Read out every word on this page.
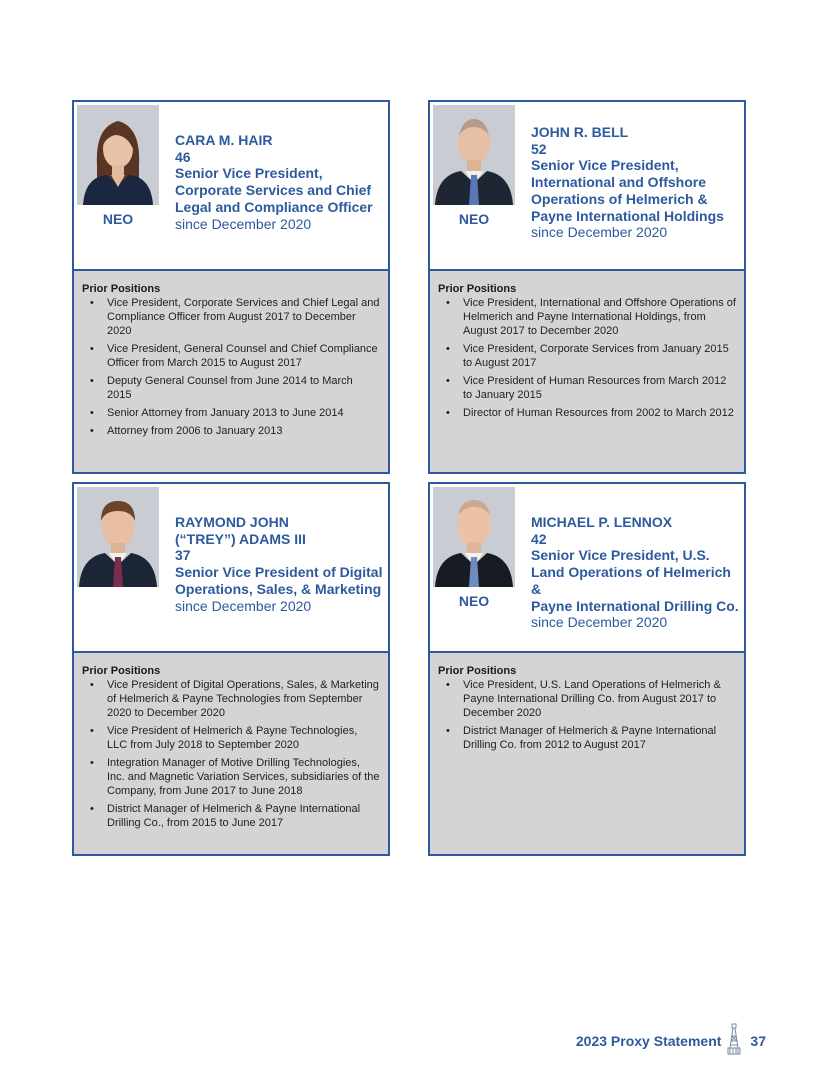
NEO
CARA M. HAIR
46
Senior Vice President,
Corporate Services and Chief
Legal and Compliance Officer
since December 2020
Prior Positions
• Vice President, Corporate Services and Chief Legal and Compliance Officer from August 2017 to December 2020
• Vice President, General Counsel and Chief Compliance Officer from March 2015 to August 2017
• Deputy General Counsel from June 2014 to March 2015
• Senior Attorney from January 2013 to June 2014
• Attorney from 2006 to January 2013
NEO
JOHN R. BELL
52
Senior Vice President,
International and Offshore
Operations of Helmerich &
Payne International Holdings
since December 2020
Prior Positions
• Vice President, International and Offshore Operations of Helmerich and Payne International Holdings, from August 2017 to December 2020
• Vice President, Corporate Services from January 2015 to August 2017
• Vice President of Human Resources from March 2012 to January 2015
• Director of Human Resources from 2002 to March 2012
RAYMOND JOHN
(“TREY”) ADAMS III
37
Senior Vice President of Digital
Operations, Sales, & Marketing
since December 2020
Prior Positions
• Vice President of Digital Operations, Sales, & Marketing of Helmerich & Payne Technologies from September 2020 to December 2020
• Vice President of Helmerich & Payne Technologies, LLC from July 2018 to September 2020
• Integration Manager of Motive Drilling Technologies, Inc. and Magnetic Variation Services, subsidiaries of the Company, from June 2017 to June 2018
• District Manager of Helmerich & Payne International Drilling Co., from 2015 to June 2017
NEO
MICHAEL P. LENNOX
42
Senior Vice President, U.S.
Land Operations of Helmerich &
Payne International Drilling Co.
since December 2020
Prior Positions
• Vice President, U.S. Land Operations of Helmerich & Payne International Drilling Co. from August 2017 to December 2020
• District Manager of Helmerich & Payne International Drilling Co. from 2012 to August 2017
2023 Proxy Statement 37
